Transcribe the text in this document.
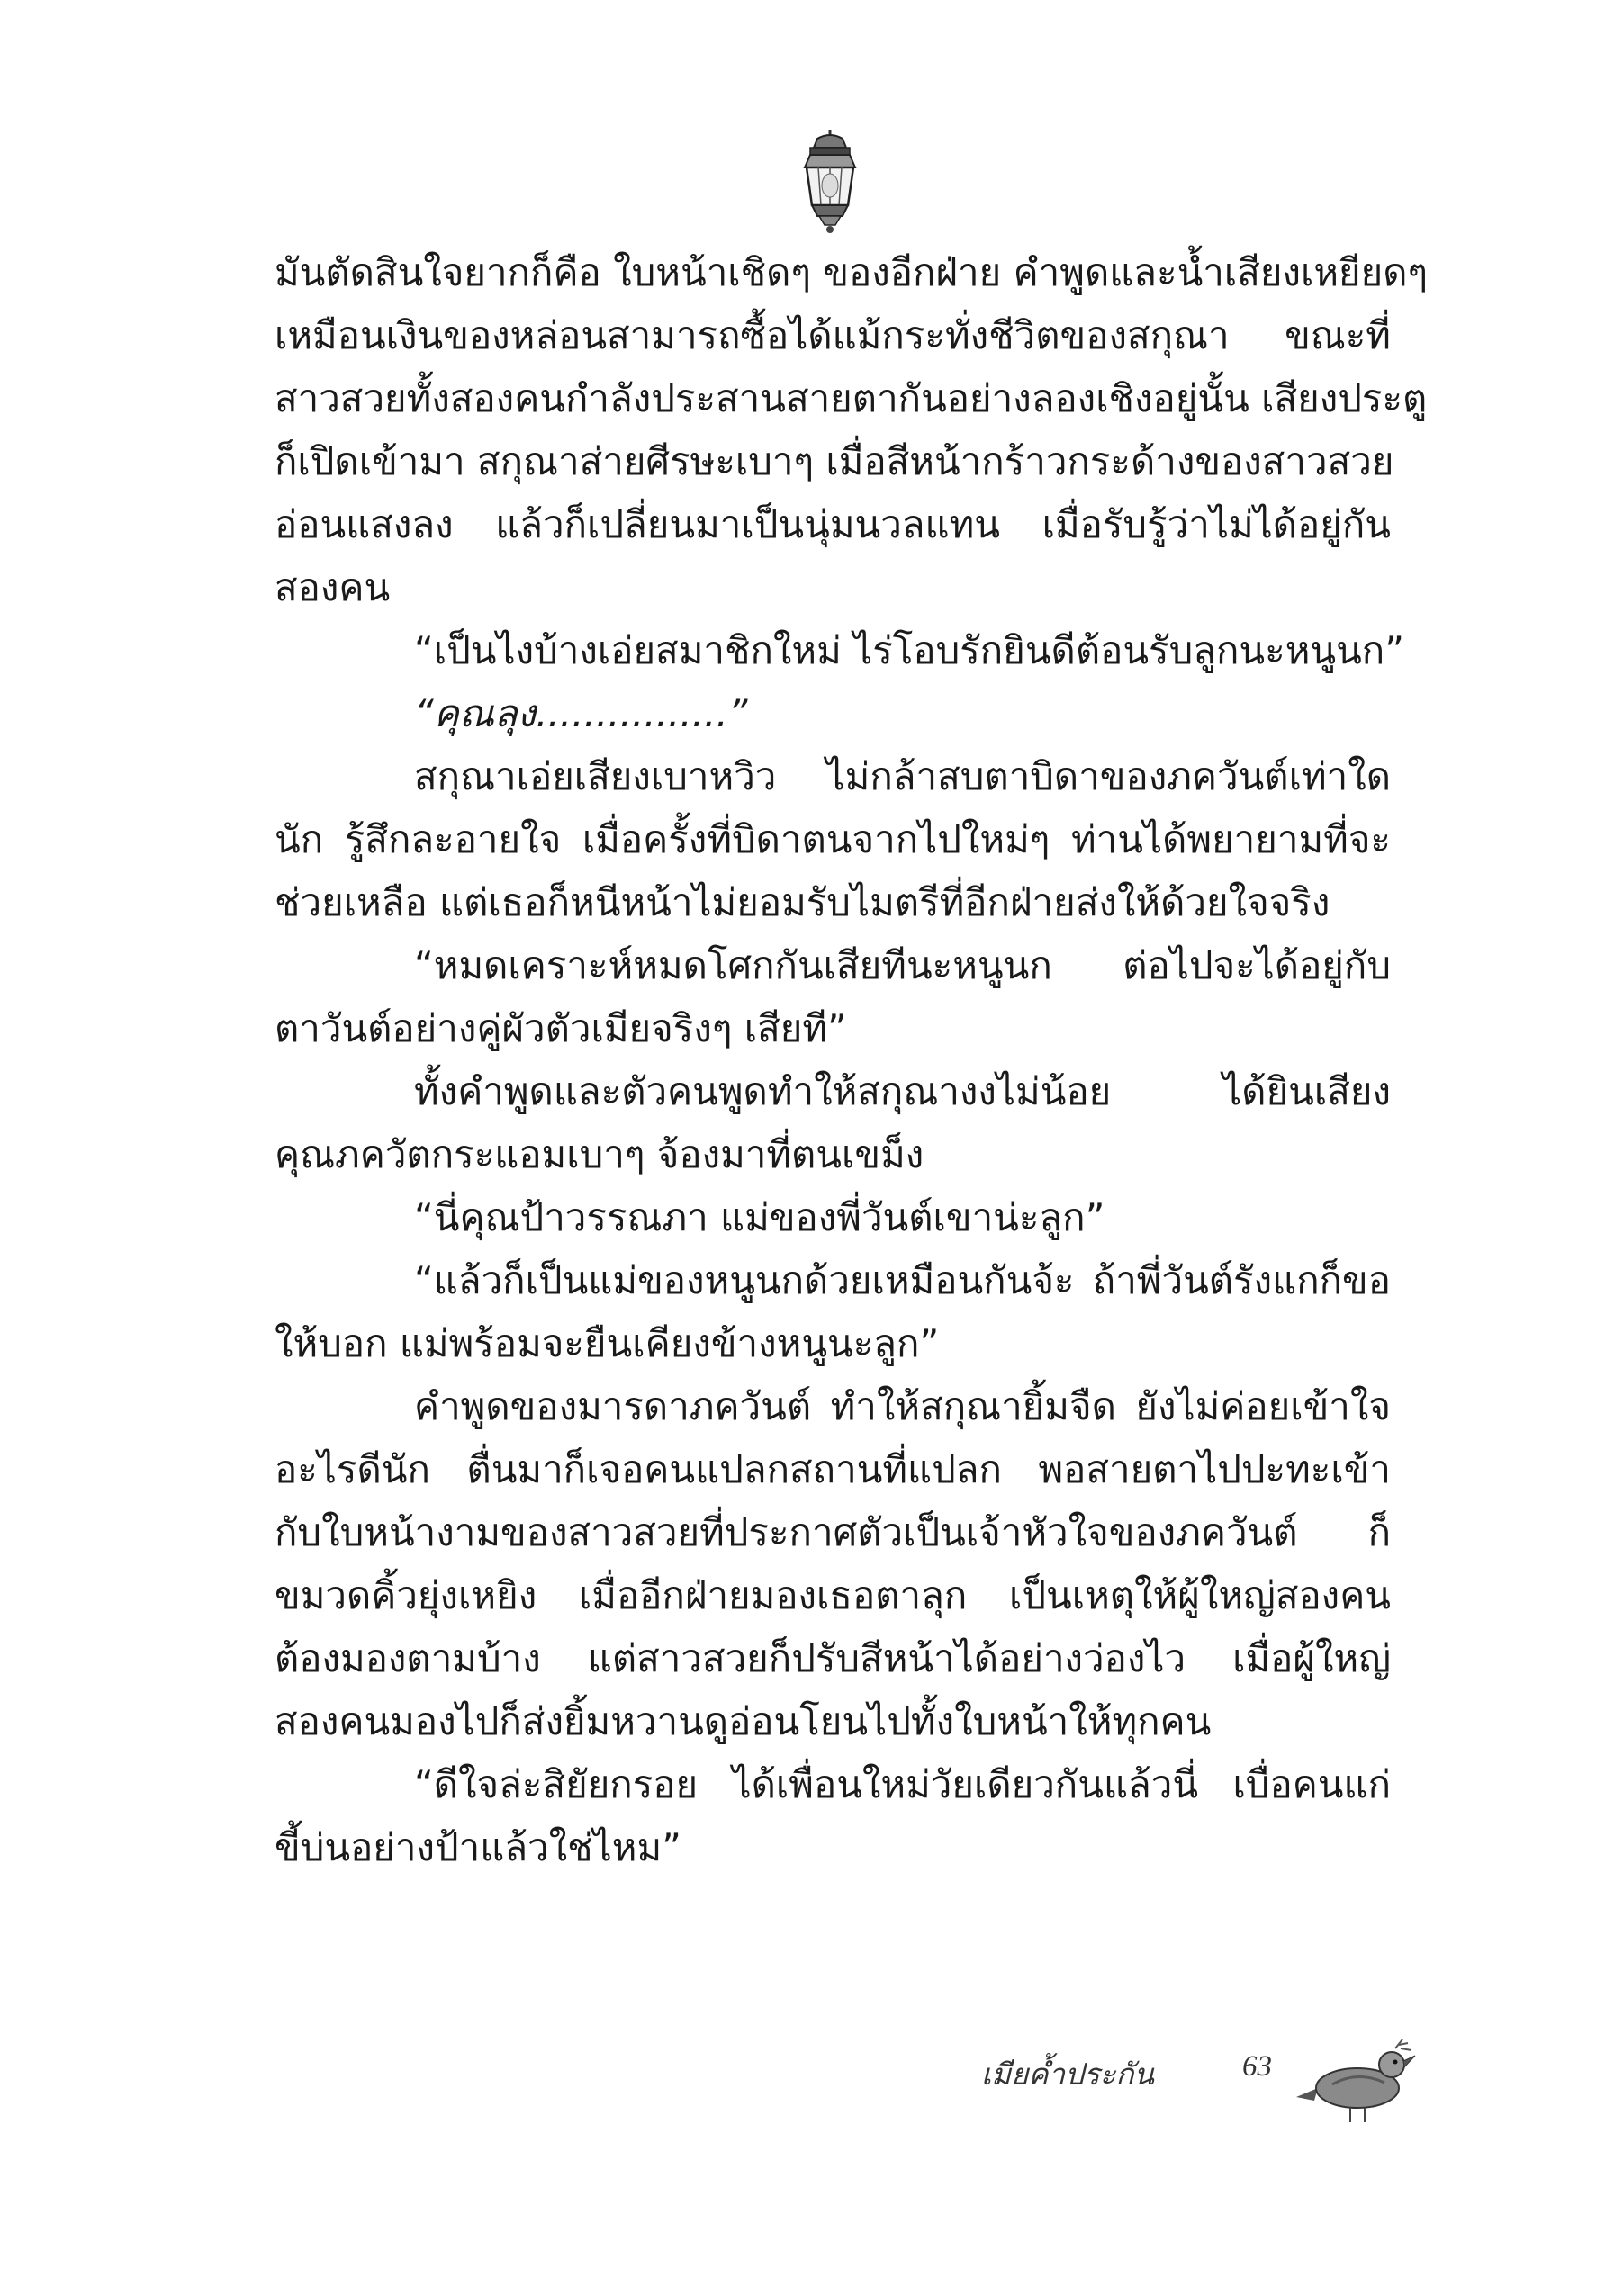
มันตัดสินใจยากก็คือ ใบหน้าเชิดๆ ของอีกฝ่าย คำพูดและน้ำเสียงเหยียดๆ
เหมือนเงินของหล่อนสามารถซื้อได้แม้กระทั่งชีวิตของสกุณา ขณะที่
สาวสวยทั้งสองคนกำลังประสานสายตากันอย่างลองเชิงอยู่นั้น เสียงประตู
ก็เปิดเข้ามา สกุณาส่ายศีรษะเบาๆ เมื่อสีหน้ากร้าวกระด้างของสาวสวย
อ่อนแสงลง แล้วก็เปลี่ยนมาเป็นนุ่มนวลแทน เมื่อรับรู้ว่าไม่ได้อยู่กัน
สองคน
“เป็นไงบ้างเอ่ยสมาชิกใหม่ ไร่โอบรักยินดีต้อนรับลูกนะหนูนก”
“คุณลุง................”
สกุณาเอ่ยเสียงเบาหวิว ไม่กล้าสบตาบิดาของภควันต์เท่าใด
นัก รู้สึกละอายใจ เมื่อครั้งที่บิดาตนจากไปใหม่ๆ ท่านได้พยายามที่จะ
ช่วยเหลือ แต่เธอก็หนีหน้าไม่ยอมรับไมตรีที่อีกฝ่ายส่งให้ด้วยใจจริง
“หมดเคราะห์หมดโศกกันเสียทีนะหนูนก ต่อไปจะได้อยู่กับ
ตาวันต์อย่างคู่ผัวตัวเมียจริงๆ เสียที”
ทั้งคำพูดและตัวคนพูดทำให้สกุณางงไม่น้อย ได้ยินเสียง
คุณภควัตกระแอมเบาๆ จ้องมาที่ตนเขม็ง
“นี่คุณป้าวรรณภา แม่ของพี่วันต์เขาน่ะลูก”
“แล้วก็เป็นแม่ของหนูนกด้วยเหมือนกันจ้ะ ถ้าพี่วันต์รังแกก็ขอ
ให้บอก แม่พร้อมจะยืนเคียงข้างหนูนะลูก”
คำพูดของมารดาภควันต์ ทำให้สกุณายิ้มจืด ยังไม่ค่อยเข้าใจ
อะไรดีนัก ตื่นมาก็เจอคนแปลกสถานที่แปลก พอสายตาไปปะทะเข้า
กับใบหน้างามของสาวสวยที่ประกาศตัวเป็นเจ้าหัวใจของภควันต์ ก็
ขมวดคิ้วยุ่งเหยิง เมื่ออีกฝ่ายมองเธอตาลุก เป็นเหตุให้ผู้ใหญ่สองคน
ต้องมองตามบ้าง แต่สาวสวยก็ปรับสีหน้าได้อย่างว่องไว เมื่อผู้ใหญ่
สองคนมองไปก็ส่งยิ้มหวานดูอ่อนโยนไปทั้งใบหน้าให้ทุกคน
“ดีใจล่ะสิยัยกรอย ได้เพื่อนใหม่วัยเดียวกันแล้วนี่ เบื่อคนแก่
ขี้บ่นอย่างป้าแล้วใช่ไหม”
เมียค้ำประกัน	63
